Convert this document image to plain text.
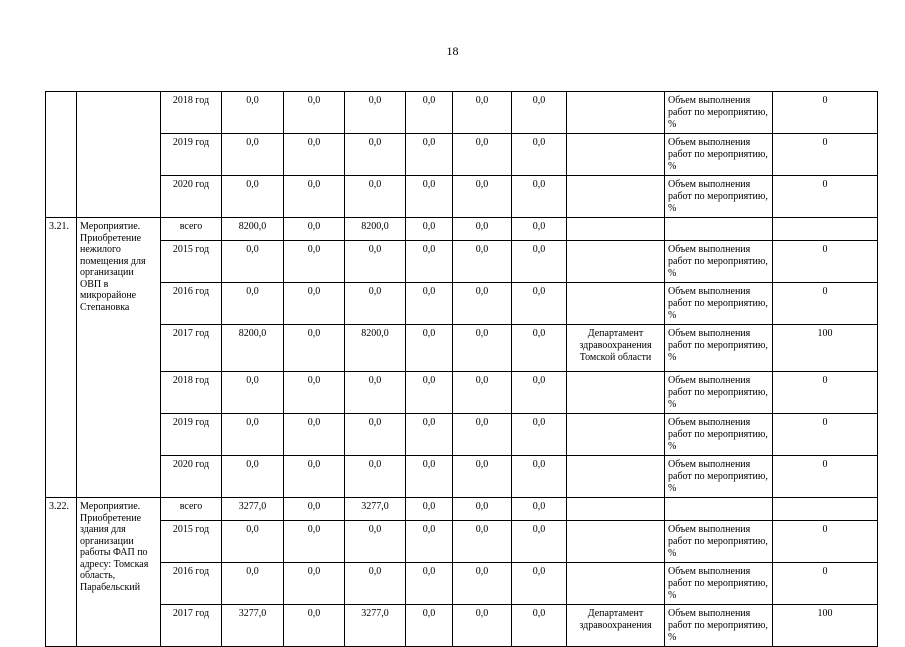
18
		2018 год	0,0	0,0	0,0	0,0	0,0	0,0		Объем выполнения работ по мероприятию, %	0
		2019 год	0,0	0,0	0,0	0,0	0,0	0,0		Объем выполнения работ по мероприятию, %	0
		2020 год	0,0	0,0	0,0	0,0	0,0	0,0		Объем выполнения работ по мероприятию, %	0
3.21.	Мероприятие. Приобретение нежилого помещения для организации ОВП в микрорайоне Степановка	всего	8200,0	0,0	8200,0	0,0	0,0	0,0			
		2015 год	0,0	0,0	0,0	0,0	0,0	0,0		Объем выполнения работ по мероприятию, %	0
		2016 год	0,0	0,0	0,0	0,0	0,0	0,0		Объем выполнения работ по мероприятию, %	0
		2017 год	8200,0	0,0	8200,0	0,0	0,0	0,0	Департамент здравоохранения Томской области	Объем выполнения работ по мероприятию, %	100
		2018 год	0,0	0,0	0,0	0,0	0,0	0,0		Объем выполнения работ по мероприятию, %	0
		2019 год	0,0	0,0	0,0	0,0	0,0	0,0		Объем выполнения работ по мероприятию, %	0
		2020 год	0,0	0,0	0,0	0,0	0,0	0,0		Объем выполнения работ по мероприятию, %	0
3.22.	Мероприятие. Приобретение здания для организации работы ФАП по адресу: Томская область, Парабельский	всего	3277,0	0,0	3277,0	0,0	0,0	0,0			
		2015 год	0,0	0,0	0,0	0,0	0,0	0,0		Объем выполнения работ по мероприятию, %	0
		2016 год	0,0	0,0	0,0	0,0	0,0	0,0		Объем выполнения работ по мероприятию, %	0
		2017 год	3277,0	0,0	3277,0	0,0	0,0	0,0	Департамент здравоохранения	Объем выполнения работ по мероприятию, %	100
